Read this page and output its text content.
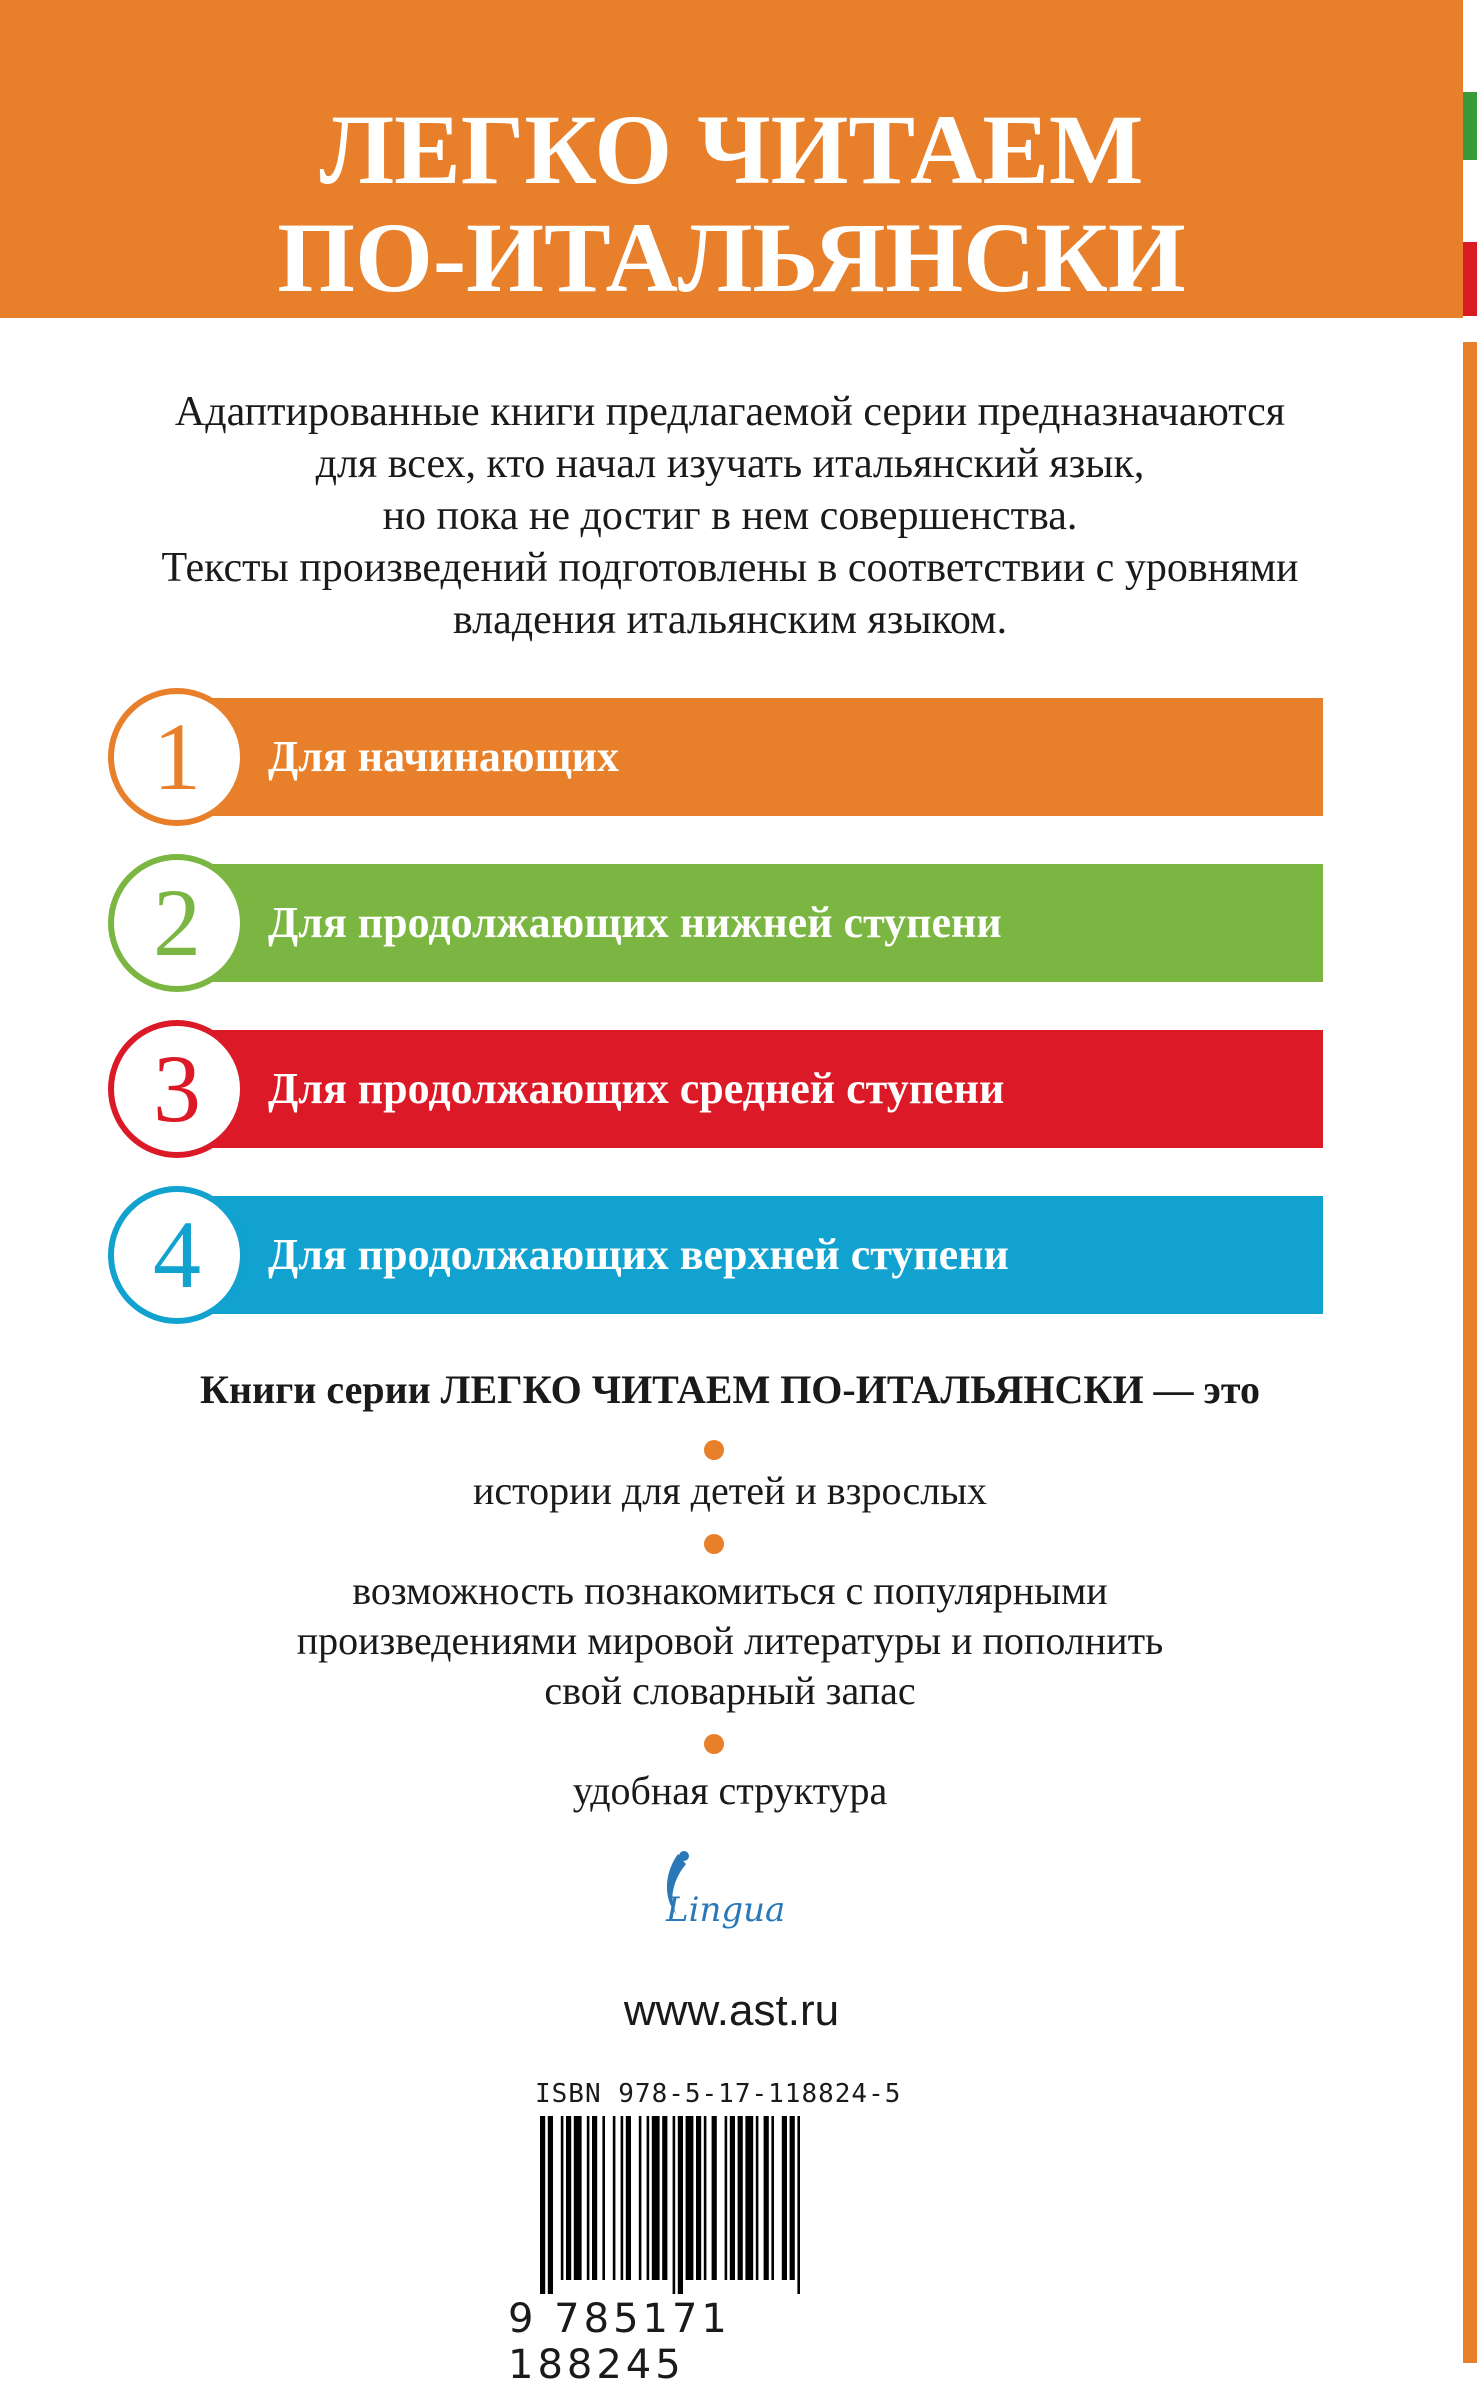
ЛЕГКО ЧИТАЕМ
ПО-ИТАЛЬЯНСКИ
Адаптированные книги предлагаемой серии предназначаются
для всех, кто начал изучать итальянский язык,
но пока не достиг в нем совершенства.
Тексты произведений подготовлены в соответствии с уровнями
владения итальянским языком.
1	Для начинающих
2	Для продолжающих нижней ступени
3	Для продолжающих средней ступени
4	Для продолжающих верхней ступени
Книги серии ЛЕГКО ЧИТАЕМ ПО-ИТАЛЬЯНСКИ — это
истории для детей и взрослых
возможность познакомиться с популярными
произведениями мировой литературы и пополнить
свой словарный запас
удобная структура
Lingua
www.ast.ru
ISBN 978-5-17-118824-5
9 785171 188245
